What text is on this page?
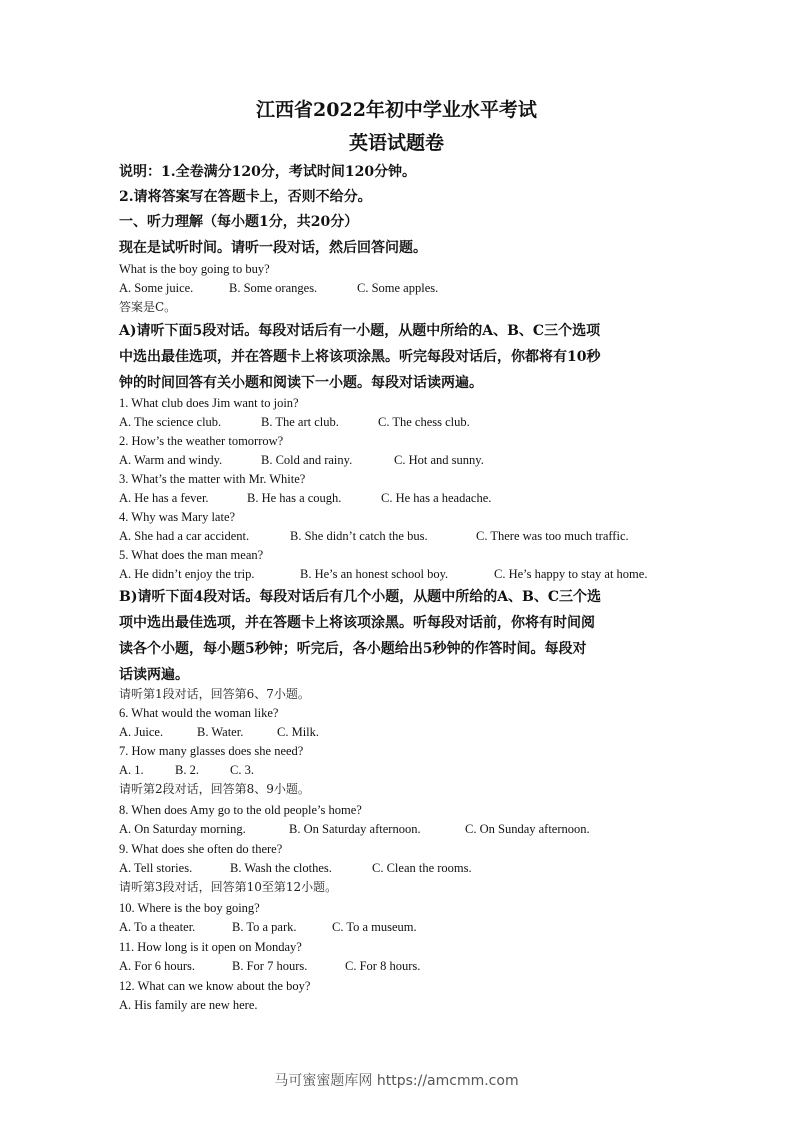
江西省2022年初中学业水平考试
英语试题卷
说明：1.全卷满分120分，考试时间120分钟。
2.请将答案写在答题卡上，否则不给分。
一、听力理解（每小题1分，共20分）
现在是试听时间。请听一段对话，然后回答问题。
What is the boy going to buy?
A. Some juice.	B. Some oranges.	C. Some apples.
答案是C。
A)请听下面5段对话。每段对话后有一小题，从题中所给的A、B、C三个选项
中选出最佳选项，并在答题卡上将该项涂黑。听完每段对话后，你都将有10秒
钟的时间回答有关小题和阅读下一小题。每段对话读两遍。
1. What club does Jim want to join?
A. The science club.	B. The art club.	C. The chess club.
2. How’s the weather tomorrow?
A. Warm and windy.	B. Cold and rainy.	C. Hot and sunny.
3. What’s the matter with Mr. White?
A. He has a fever.	B. He has a cough.	C. He has a headache.
4. Why was Mary late?
A. She had a car accident.	B. She didn’t catch the bus.	C. There was too much traffic.
5. What does the man mean?
A. He didn’t enjoy the trip.	B. He’s an honest school boy.	C. He’s happy to stay at home.
B)请听下面4段对话。每段对话后有几个小题，从题中所给的A、B、C三个选
项中选出最佳选项，并在答题卡上将该项涂黑。听每段对话前，你将有时间阅
读各个小题，每小题5秒钟；听完后，各小题给出5秒钟的作答时间。每段对
话读两遍。
请听第1段对话，回答第6、7小题。
6. What would the woman like?
A. Juice.	B. Water.	C. Milk.
7. How many glasses does she need?
A. 1.	B. 2. C. 3.
请听第2段对话，回答第8、9小题。
8. When does Amy go to the old people’s home?
A. On Saturday morning.	B. On Saturday afternoon.	C. On Sunday afternoon.
9. What does she often do there?
A. Tell stories.	B. Wash the clothes.	C. Clean the rooms.
请听第3段对话，回答第10至第12小题。
10. Where is the boy going?
A. To a theater.	B. To a park.	C. To a museum.
11. How long is it open on Monday?
A. For 6 hours.	B. For 7 hours.	C. For 8 hours.
12. What can we know about the boy?
A. His family are new here.
马可蜜蜜题库网 https://amcmm.com
